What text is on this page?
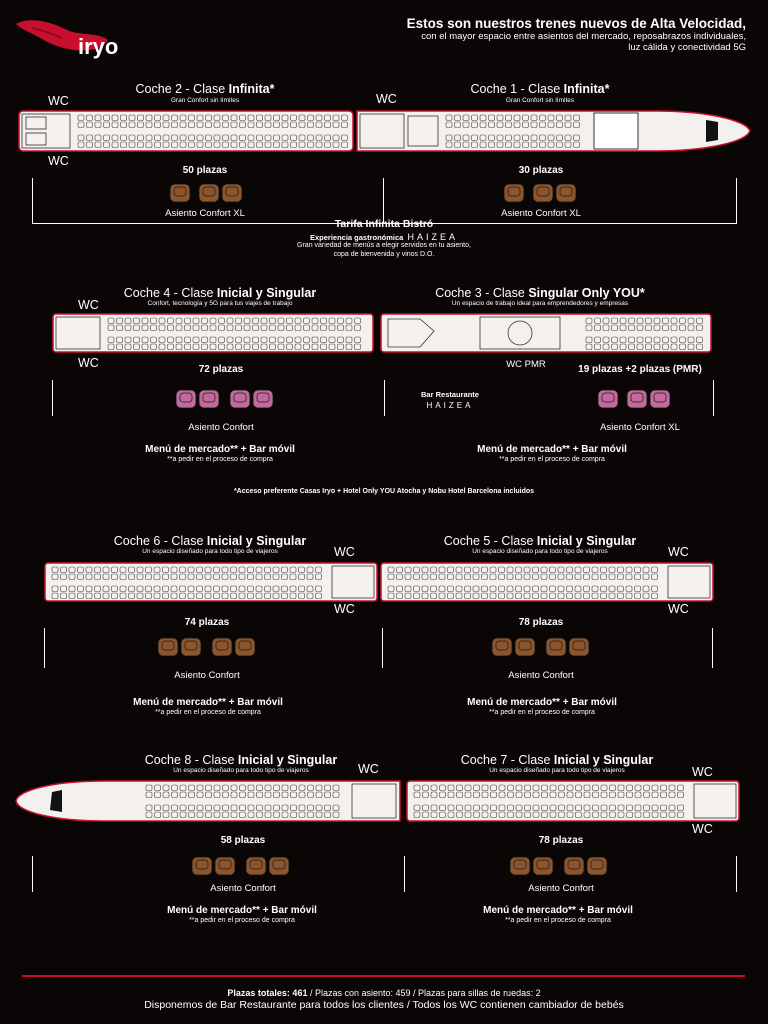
iryo
Estos son nuestros trenes nuevos de Alta Velocidad,
con el mayor espacio entre asientos del mercado, reposabrazos individuales,
luz cálida y conectividad 5G
Coche 2 - Clase Infinita*
Gran Confort sin límites
Coche 1 - Clase Infinita*
Gran Confort sin límites
WC
WC
WC
50 plazas
Asiento Confort XL
30 plazas
Asiento Confort XL
Tarifa Infinita Bistró
Experiencia gastronómica HAIZEA
Gran variedad de menús a elegir servidos en tu asiento,
copa de bienvenida y vinos D.O.
Coche 4 - Clase Inicial y Singular
Confort, tecnología y 5G para tus viajes de trabajo
Coche 3 - Clase Singular Only YOU*
Un espacio de trabajo ideal para emprendedores y empresas
WC
WC	WC PMR
72 plazas
Asiento Confort
Menú de mercado** + Bar móvil
**a pedir en el proceso de compra
Bar Restaurante
HAIZEA
19 plazas +2 plazas (PMR)
Asiento Confort XL
Menú de mercado** + Bar móvil
**a pedir en el proceso de compra
*Acceso preferente Casas Iryo + Hotel Only YOU Atocha y Nobu Hotel Barcelona incluidos
Coche 6 - Clase Inicial y Singular
Un espacio diseñado para todo tipo de viajeros
Coche 5 - Clase Inicial y Singular
Un espacio diseñado para todo tipo de viajeros
WC
WC
WC
WC
74 plazas
Asiento Confort
Menú de mercado** + Bar móvil
**a pedir en el proceso de compra
78 plazas
Asiento Confort
Menú de mercado** + Bar móvil
**a pedir en el proceso de compra
Coche 8 - Clase Inicial y Singular
Un espacio diseñado para todo tipo de viajeros
Coche 7 - Clase Inicial y Singular
Un espacio diseñado para todo tipo de viajeros
WC	WC
WC
58 plazas
Asiento Confort
Menú de mercado** + Bar móvil
**a pedir en el proceso de compra
78 plazas
Asiento Confort
Menú de mercado** + Bar móvil
**a pedir en el proceso de compra
Plazas totales: 461 / Plazas con asiento: 459 / Plazas para sillas de ruedas: 2
Disponemos de Bar Restaurante para todos los clientes / Todos los WC contienen cambiador de bebés
